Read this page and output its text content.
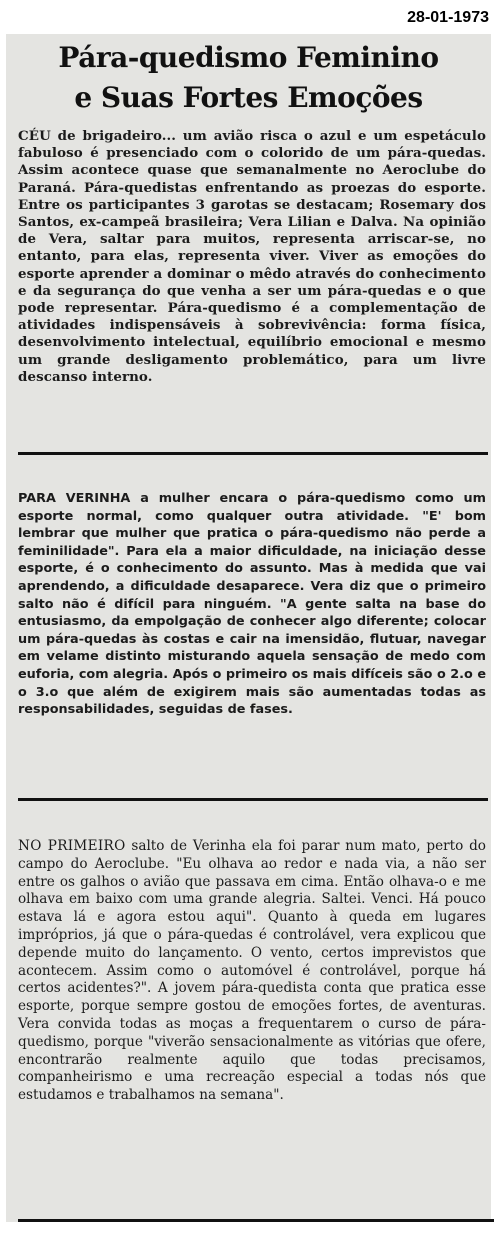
28-01-1973
Pára-quedismo Feminino
e Suas Fortes Emoções
CÉU de brigadeiro... um avião risca o azul e um espetáculo fabuloso é presenciado com o colorido de um pára-quedas. Assim acontece quase que semanalmente no Aeroclube do Paraná. Pára-quedistas enfrentando as proezas do esporte. Entre os participantes 3 garotas se destacam; Rosemary dos Santos, ex-campeã brasileira; Vera Lilian e Dalva. Na opinião de Vera, saltar para muitos, representa arriscar-se, no entanto, para elas, representa viver. Viver as emoções do esporte aprender a dominar o mêdo através do conhecimento e da segurança do que venha a ser um pára-quedas e o que pode representar. Pára-quedismo é a complementação de atividades indispensáveis à sobrevivência: forma física, desenvolvimento intelectual, equilíbrio emocional e mesmo um grande desligamento problemático, para um livre descanso interno.
PARA VERINHA a mulher encara o pára-quedismo como um esporte normal, como qualquer outra atividade. "E' bom lembrar que mulher que pratica o pára-quedismo não perde a feminilidade". Para ela a maior dificuldade, na iniciação desse esporte, é o conhecimento do assunto. Mas à medida que vai aprendendo, a dificuldade desaparece. Vera diz que o primeiro salto não é difícil para ninguém. "A gente salta na base do entusiasmo, da empolgação de conhecer algo diferente; colocar um pára-quedas às costas e cair na imensidão, flutuar, navegar em velame distinto misturando aquela sensação de medo com euforia, com alegria. Após o primeiro os mais difíceis são o 2.o e o 3.o que além de exigirem mais são aumentadas todas as responsabilidades, seguidas de fases.
NO PRIMEIRO salto de Verinha ela foi parar num mato, perto do campo do Aeroclube. "Eu olhava ao redor e nada via, a não ser entre os galhos o avião que passava em cima. Então olhava-o e me olhava em baixo com uma grande alegria. Saltei. Venci. Há pouco estava lá e agora estou aqui". Quanto à queda em lugares impróprios, já que o pára-quedas é controlável, vera explicou que depende muito do lançamento. O vento, certos imprevistos que acontecem. Assim como o automóvel é controlável, porque há certos acidentes?". A jovem pára-quedista conta que pratica esse esporte, porque sempre gostou de emoções fortes, de aventuras. Vera convida todas as moças a frequentarem o curso de pára-quedismo, porque "viverão sensacionalmente as vitórias que ofere, encontrarão realmente aquilo que todas precisamos, companheirismo e uma recreação especial a todas nós que estudamos e trabalhamos na semana".
